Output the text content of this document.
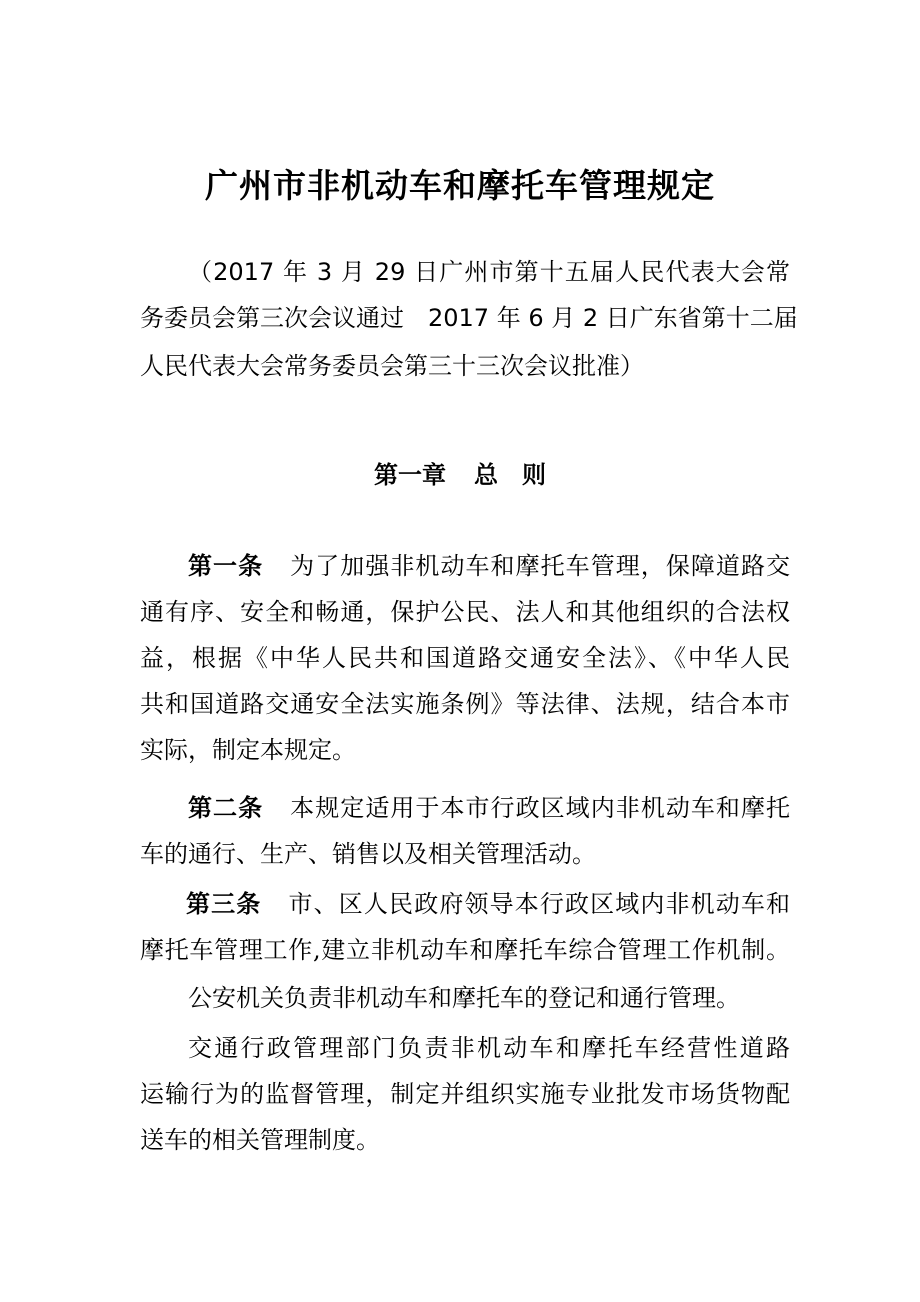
广州市非机动车和摩托车管理规定
（2017 年 3 月 29 日广州市第十五届人民代表大会常
务委员会第三次会议通过　2017 年 6 月 2 日广东省第十二届
人民代表大会常务委员会第三十三次会议批准）
第一章 总　则
第一条 为了加强非机动车和摩托车管理，保障道路交
通有序、安全和畅通，保护公民、法人和其他组织的合法权
益，根据《中华人民共和国道路交通安全法》、《中华人民
共和国道路交通安全法实施条例》等法律、法规，结合本市
实际，制定本规定。
第二条 本规定适用于本市行政区域内非机动车和摩托
车的通行、生产、销售以及相关管理活动。
第三条 市、区人民政府领导本行政区域内非机动车和
摩托车管理工作,建立非机动车和摩托车综合管理工作机制。
公安机关负责非机动车和摩托车的登记和通行管理。
交通行政管理部门负责非机动车和摩托车经营性道路
运输行为的监督管理，制定并组织实施专业批发市场货物配
送车的相关管理制度。
